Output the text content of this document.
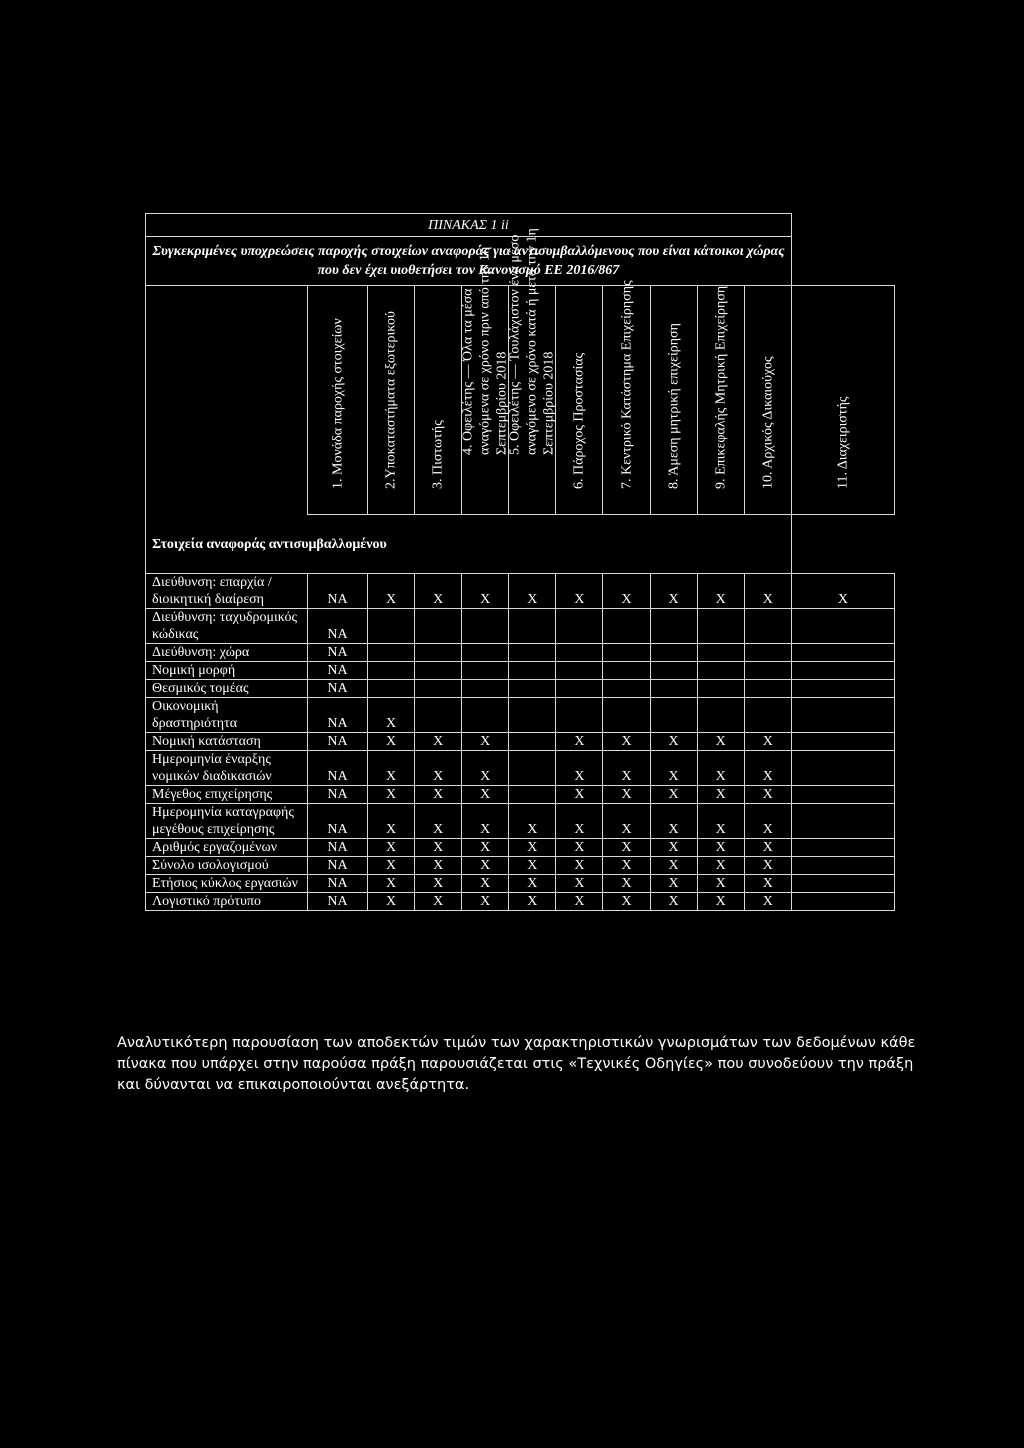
ΠΙΝΑΚΑΣ 1 ii											
Συγκεκριμένες υποχρεώσεις παροχής στοιχείων αναφοράς για αντισυμβαλλόμενους που είναι κάτοικοι χώρας που δεν έχει υιοθετήσει τον Κανονισμό ΕΕ 2016/867											

	1. Μονάδα παροχής στοιχείων	2.Υποκαταστήματα εξωτερικού	3. Πιστωτής	4. Οφειλέτης — Όλα τα μέσα αναγόμενα σε χρόνο πριν από την 1η Σεπτεμβρίου 2018	5. Οφειλέτης — Τουλάχιστον ένα μέσο αναγόμενο σε χρόνο κατά ή μετά την 1η Σεπτεμβρίου 2018	6. Πάροχος Προστασίας	7. Κεντρικό Κατάστημα Επιχείρησης	8. Άμεση μητρική επιχείρηση	9. Επικεφαλής Μητρική Επιχείρηση	10. Αρχικός Δικαιούχος	11. Διαχειριστής

Στοιχεία αναφοράς αντισυμβαλλομένου											
Διεύθυνση: επαρχία / διοικητική διαίρεση	ΝΑ	Χ	Χ	Χ	Χ	Χ	Χ	Χ	Χ	Χ	Χ
Διεύθυνση: ταχυδρομικός κώδικας	ΝΑ										
Διεύθυνση: χώρα	ΝΑ										
Νομική μορφή	ΝΑ										
Θεσμικός τομέας	ΝΑ										
Οικονομική δραστηριότητα	ΝΑ	Χ									
Νομική κατάσταση	ΝΑ	Χ	Χ	Χ		Χ	Χ	Χ	Χ	Χ	
Ημερομηνία έναρξης νομικών διαδικασιών	ΝΑ	Χ	Χ	Χ		Χ	Χ	Χ	Χ	Χ	
Μέγεθος επιχείρησης	ΝΑ	Χ	Χ	Χ		Χ	Χ	Χ	Χ	Χ	
Ημερομηνία καταγραφής μεγέθους επιχείρησης	ΝΑ	Χ	Χ	Χ	Χ	Χ	Χ	Χ	Χ	Χ	
Αριθμός εργαζομένων	ΝΑ	Χ	Χ	Χ	Χ	Χ	Χ	Χ	Χ	Χ	
Σύνολο ισολογισμού	ΝΑ	Χ	Χ	Χ	Χ	Χ	Χ	Χ	Χ	Χ	
Ετήσιος κύκλος εργασιών	ΝΑ	Χ	Χ	Χ	Χ	Χ	Χ	Χ	Χ	Χ	
Λογιστικό πρότυπο	ΝΑ	Χ	Χ	Χ	Χ	Χ	Χ	Χ	Χ	Χ	
Αναλυτικότερη παρουσίαση των αποδεκτών τιμών των χαρακτηριστικών γνωρισμάτων των δεδομένων κάθε πίνακα που υπάρχει στην παρούσα πράξη παρουσιάζεται στις «Τεχνικές Οδηγίες» που συνοδεύουν την πράξη και δύνανται να επικαιροποιούνται ανεξάρτητα.
